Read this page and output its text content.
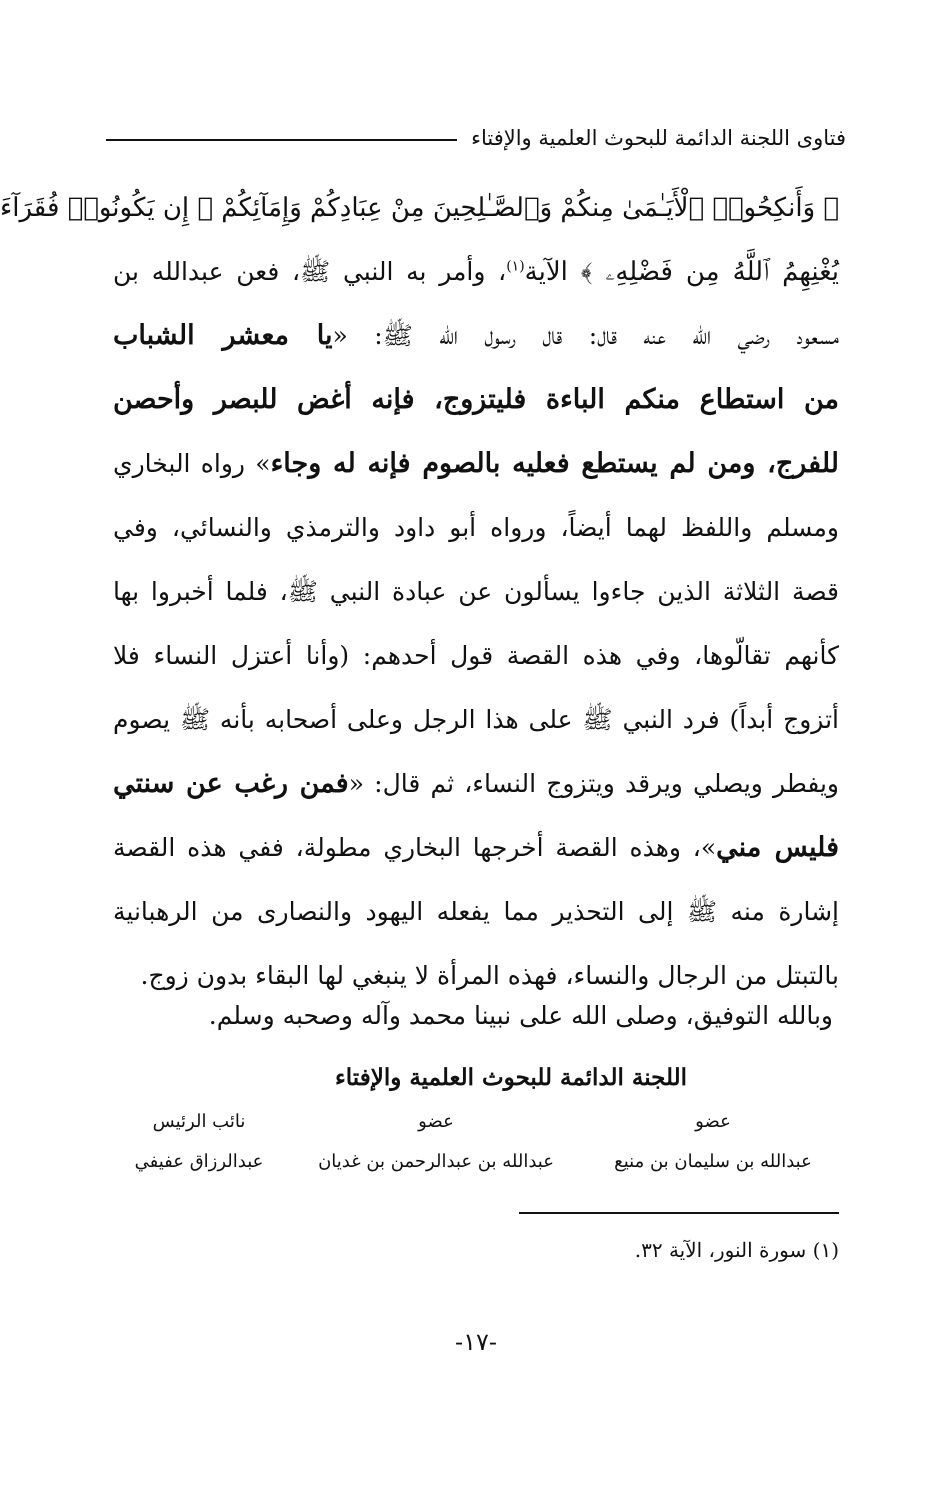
فتاوى اللجنة الدائمة للبحوث العلمية والإفتاء
﴿ وَأَنكِحُوا۟ ٱلْأَيَـٰمَىٰ مِنكُمْ وَٱلصَّـٰلِحِينَ مِنْ عِبَادِكُمْ وَإِمَآئِكُمْ ۚ إِن يَكُونُوا۟ فُقَرَآءَ
يُغْنِهِمُ ٱللَّهُ مِن فَضْلِهِۦ ﴾ الآية$^{(١)}$، وأمر به النبي ﷺ، فعن عبدالله بن
مسعود رضي الله عنه قال: قال رسول الله ﷺ: «يا معشر الشباب
من استطاع منكم الباءة فليتزوج، فإنه أغض للبصر وأحصن
للفرج، ومن لم يستطع فعليه بالصوم فإنه له وجاء» رواه البخاري
ومسلم واللفظ لهما أيضاً، ورواه أبو داود والترمذي والنسائي، وفي
قصة الثلاثة الذين جاءوا يسألون عن عبادة النبي ﷺ، فلما أخبروا بها
كأنهم تقالّوها، وفي هذه القصة قول أحدهم: (وأنا أعتزل النساء فلا
أتزوج أبداً) فرد النبي ﷺ على هذا الرجل وعلى أصحابه بأنه ﷺ يصوم
ويفطر ويصلي ويرقد ويتزوج النساء، ثم قال: «فمن رغب عن سنتي
فليس مني»، وهذه القصة أخرجها البخاري مطولة، ففي هذه القصة
إشارة منه ﷺ إلى التحذير مما يفعله اليهود والنصارى من الرهبانية
بالتبتل من الرجال والنساء، فهذه المرأة لا ينبغي لها البقاء بدون زوج.
وبالله التوفيق، وصلى الله على نبينا محمد وآله وصحبه وسلم.
اللجنة الدائمة للبحوث العلمية والإفتاء
عضو
عبدالله بن سليمان بن منيع
عضو
عبدالله بن عبدالرحمن بن غديان
نائب الرئيس
عبدالرزاق عفيفي
(١) سورة النور، الآية ٣٢.
-١٧-
